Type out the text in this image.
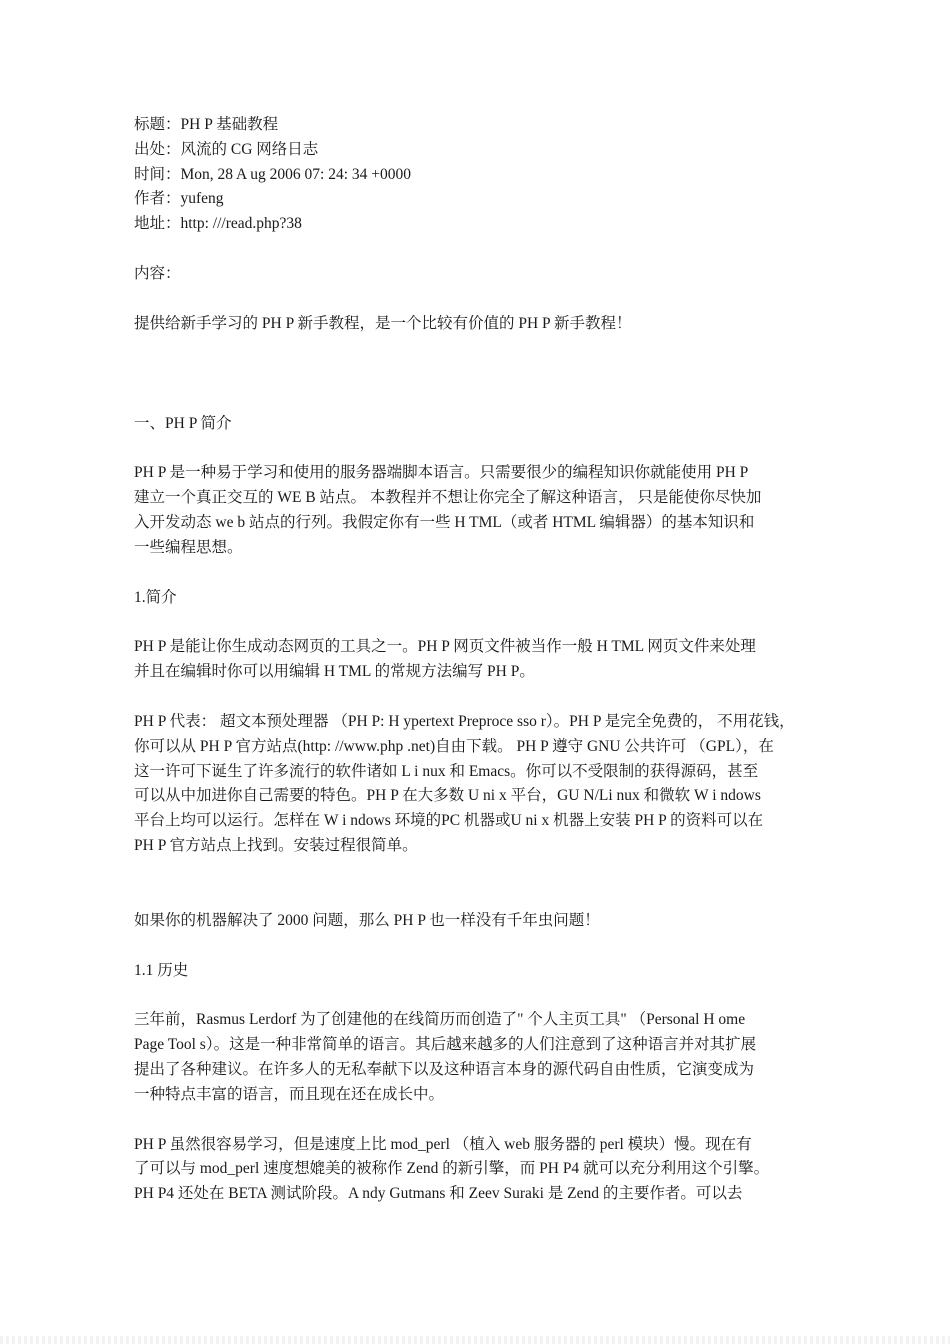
标题：PH P 基础教程
出处：风流的 CG 网络日志
时间：Mon, 28 A ug 2006 07: 24: 34 +0000
作者：yufeng
地址：http: ///read.php?38
内容：
提供给新手学习的 PH P 新手教程，是一个比较有价值的 PH P 新手教程！
一、PH P 简介
PH P 是一种易于学习和使用的服务器端脚本语言。只需要很少的编程知识你就能使用 PH P
建立一个真正交互的 WE B 站点。 本教程并不想让你完全了解这种语言， 只是能使你尽快加
入开发动态 we b 站点的行列。我假定你有一些 H TML（或者 HTML 编辑器）的基本知识和
一些编程思想。
1.简介
PH P 是能让你生成动态网页的工具之一。PH P 网页文件被当作一般 H TML 网页文件来处理
并且在编辑时你可以用编辑 H TML 的常规方法编写 PH P。
PH P 代表： 超文本预处理器 （PH P: H ypertext Preproce sso r）。PH P 是完全免费的， 不用花钱，
你可以从 PH P 官方站点(http: //www.php .net)自由下载。 PH P 遵守 GNU 公共许可 （GPL），在
这一许可下诞生了许多流行的软件诸如 L i nux 和 Emacs。你可以不受限制的获得源码，甚至
可以从中加进你自己需要的特色。PH P 在大多数 U ni x 平台，GU N/Li nux 和微软 W i ndows
平台上均可以运行。怎样在 W i ndows 环境的PC 机器或U ni x 机器上安装 PH P 的资料可以在
PH P 官方站点上找到。安装过程很简单。
如果你的机器解决了 2000 问题，那么 PH P 也一样没有千年虫问题！
1.1 历史
三年前，Rasmus Lerdorf 为了创建他的在线简历而创造了" 个人主页工具" （Personal H ome
Page Tool s）。这是一种非常简单的语言。其后越来越多的人们注意到了这种语言并对其扩展
提出了各种建议。在许多人的无私奉献下以及这种语言本身的源代码自由性质，它演变成为
一种特点丰富的语言，而且现在还在成长中。
PH P 虽然很容易学习，但是速度上比 mod_perl （植入 web 服务器的 perl 模块）慢。现在有
了可以与 mod_perl 速度想媲美的被称作 Zend 的新引擎，而 PH P4 就可以充分利用这个引擎。
PH P4 还处在 BETA 测试阶段。A ndy Gutmans 和 Zeev Suraki 是 Zend 的主要作者。可以去
